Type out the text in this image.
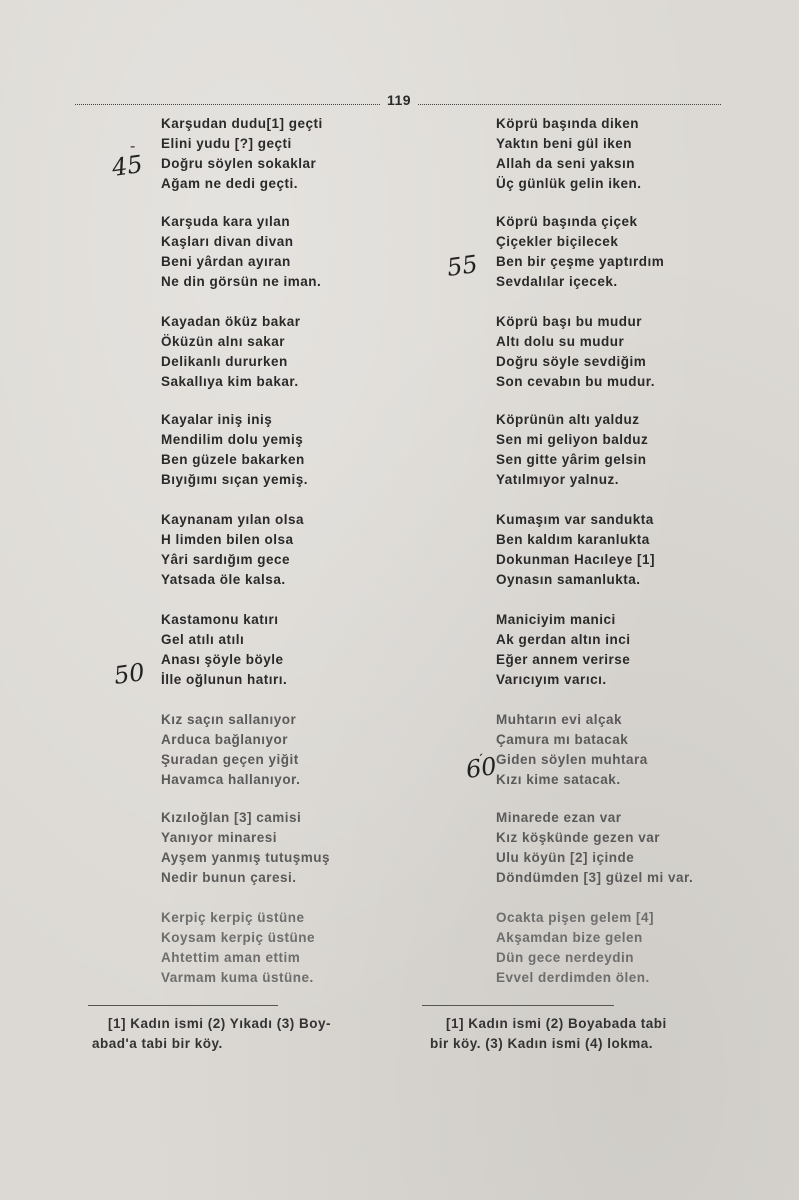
119
Karşudan dudu[1] geçti
Elini yudu [?] geçti
Doğru söylen sokaklar
Ağam ne dedi geçti.
Karşuda kara yılan
Kaşları divan divan
Beni yârdan ayıran
Ne din görsün ne iman.
Kayadan öküz bakar
Öküzün alnı sakar
Delikanlı dururken
Sakallıya kim bakar.
Kayalar iniş iniş
Mendilim dolu yemiş
Ben güzele bakarken
Bıyığımı sıçan yemiş.
Kaynanam yılan olsa
H limden bilen olsa
Yâri sardığım gece
Yatsada öle kalsa.
Kastamonu katırı
Gel atılı atılı
Anası şöyle böyle
İlle oğlunun hatırı.
Kız saçın sallanıyor
Arduca bağlanıyor
Şuradan geçen yiğit
Havamca hallanıyor.
Kızıloğlan [3] camisi
Yanıyor minaresi
Ayşem yanmış tutuşmuş
Nedir bunun çaresi.
Kerpiç kerpiç üstüne
Koysam kerpiç üstüne
Ahtettim aman ettim
Varmam kuma üstüne.
Köprü başında diken
Yaktın beni gül iken
Allah da seni yaksın
Üç günlük gelin iken.
Köprü başında çiçek
Çiçekler biçilecek
Ben bir çeşme yaptırdım
Sevdalılar içecek.
Köprü başı bu mudur
Altı dolu su mudur
Doğru söyle sevdiğim
Son cevabın bu mudur.
Köprünün altı yalduz
Sen mi geliyon balduz
Sen gitte yârim gelsin
Yatılmıyor yalnuz.
Kumaşım var sandukta
Ben kaldım karanlukta
Dokunman Hacıleye [1]
Oynasın samanlukta.
Maniciyim manici
Ak gerdan altın inci
Eğer annem verirse
Varıcıyım varıcı.
Muhtarın evi alçak
Çamura mı batacak
Giden söylen muhtara
Kızı kime satacak.
Minarede ezan var
Kız köşkünde gezen var
Ulu köyün [2] içinde
Döndümden [3] güzel mi var.
Ocakta pişen gelem [4]
Akşamdan bize gelen
Dün gece nerdeydin
Evvel derdimden ölen.
45
55
50
60
‐
ˏ
[1] Kadın ismi (2) Yıkadı (3) Boy-
abad'a tabi bir köy.
[1] Kadın ismi (2) Boyabada tabi
bir köy. (3) Kadın ismi (4) lokma.
